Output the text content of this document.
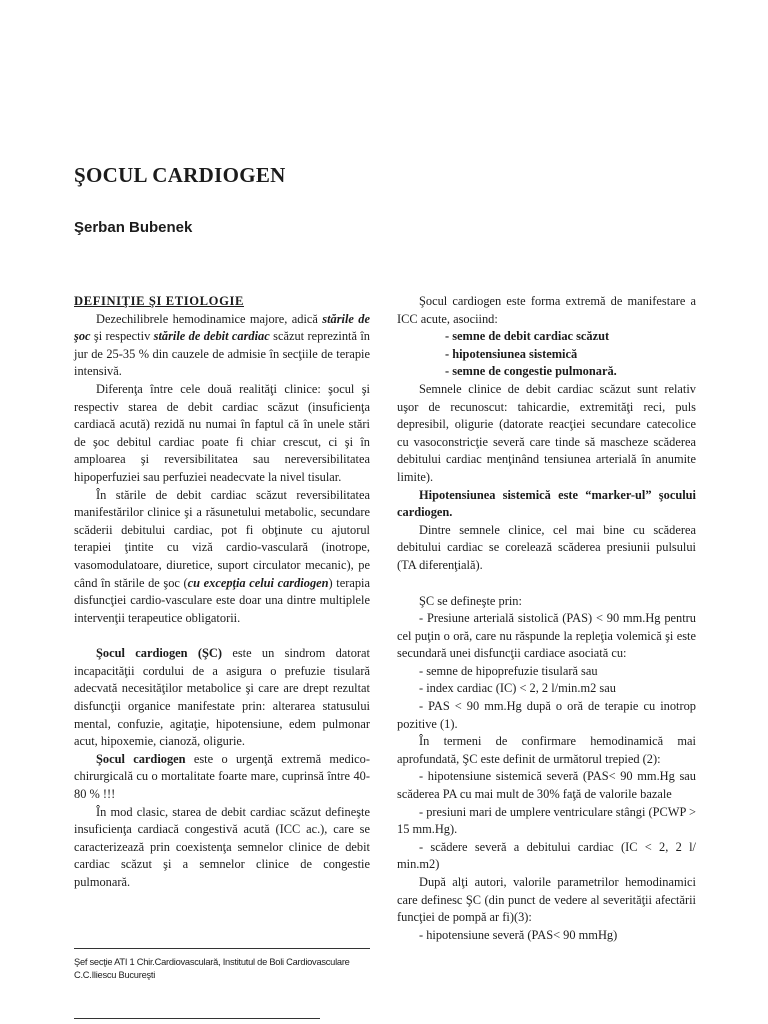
ŞOCUL CARDIOGEN
Şerban Bubenek

DEFINIŢIE ŞI ETIOLOGIE

Dezechilibrele hemodinamice majore, adică stările de şoc şi respectiv stările de debit cardiac scăzut reprezintă în jur de 25-35 % din cauzele de admisie în secţiile de terapie intensivă.

Diferenţa între cele două realităţi clinice: şocul şi respectiv starea de debit cardiac scăzut (insuficienţa cardiacă acută) rezidă nu numai în faptul că în unele stări de şoc debitul cardiac poate fi chiar crescut, ci şi în amploarea şi reversibilitatea sau nereversibilitatea hipoperfuziei sau perfuziei neadecvate la nivel tisular.

În stările de debit cardiac scăzut reversibilitatea manifestărilor clinice şi a răsunetului metabolic, secundare scăderii debitului cardiac, pot fi obţinute cu ajutorul terapiei ţintite cu viză cardio-vasculară (inotrope, vasomodulatoare, diuretice, suport circulator mecanic), pe când în stările de şoc (cu excepţia celui cardiogen) terapia disfuncţiei cardio-vasculare este doar una dintre multiplele intervenţii terapeutice obligatorii.

Şocul cardiogen (ŞC) este un sindrom datorat incapacităţii cordului de a asigura o prefuzie tisulară adecvată necesităţilor metabolice şi care are drept rezultat disfuncţii organice manifestate prin: alterarea statusului mental, confuzie, agitaţie, hipotensiune, edem pulmonar acut, hipoxemie, cianoză, oligurie.

Şocul cardiogen este o urgenţă extremă medico-chirurgicală cu o mortalitate foarte mare, cuprinsă între 40-80 % !!!

În mod clasic, starea de debit cardiac scăzut defineşte insuficienţa cardiacă congestivă acută (ICC ac.), care se caracterizează prin coexistenţa semnelor clinice de debit cardiac scăzut şi a semnelor clinice de congestie pulmonară.

Şocul cardiogen este forma extremă de manifestare a ICC acute, asociind:

- semne de debit cardiac scăzut

- hipotensiunea sistemică

- semne de congestie pulmonară.

Semnele clinice de debit cardiac scăzut sunt relativ uşor de recunoscut: tahicardie, extremităţi reci, puls depresibil, oligurie (datorate reacţiei secundare catecolice cu vasoconstricţie severă care tinde să mascheze scăderea debitului cardiac menţinând tensiunea arterială în anumite limite).

Hipotensiunea sistemică este “marker-ul” şocului cardiogen.

Dintre semnele clinice, cel mai bine cu scăderea debitului cardiac se corelează scăderea presiunii pulsului (TA diferenţială).

ŞC se defineşte prin:

- Presiune arterială sistolică (PAS) < 90 mm.Hg pentru cel puţin o oră, care nu răspunde la repleţia volemică şi este secundară unei disfuncţii cardiace asociată cu:

- semne de hipoprefuzie tisulară sau

- index cardiac (IC) < 2, 2 l/min.m2 sau

- PAS < 90 mm.Hg după o oră de terapie cu inotrop pozitive (1).

În termeni de confirmare hemodinamică mai aprofundată, ŞC este definit de următorul trepied (2):

- hipotensiune sistemică severă (PAS< 90 mm.Hg sau scăderea PA cu mai mult de 30% faţă de valorile bazale

- presiuni mari de umplere ventriculare stângi (PCWP > 15 mm.Hg).

- scădere severă a debitului cardiac (IC < 2, 2 l/ min.m2)

După alţi autori, valorile parametrilor hemodinamici care definesc ŞC (din punct de vedere al severităţii afectării funcţiei de pompă ar fi)(3):

- hipotensiune severă (PAS< 90 mmHg)

Şef secţie ATI 1 Chir.Cardiovasculară, Institutul de Boli Cardiovasculare C.C.Iliescu Bucureşti
